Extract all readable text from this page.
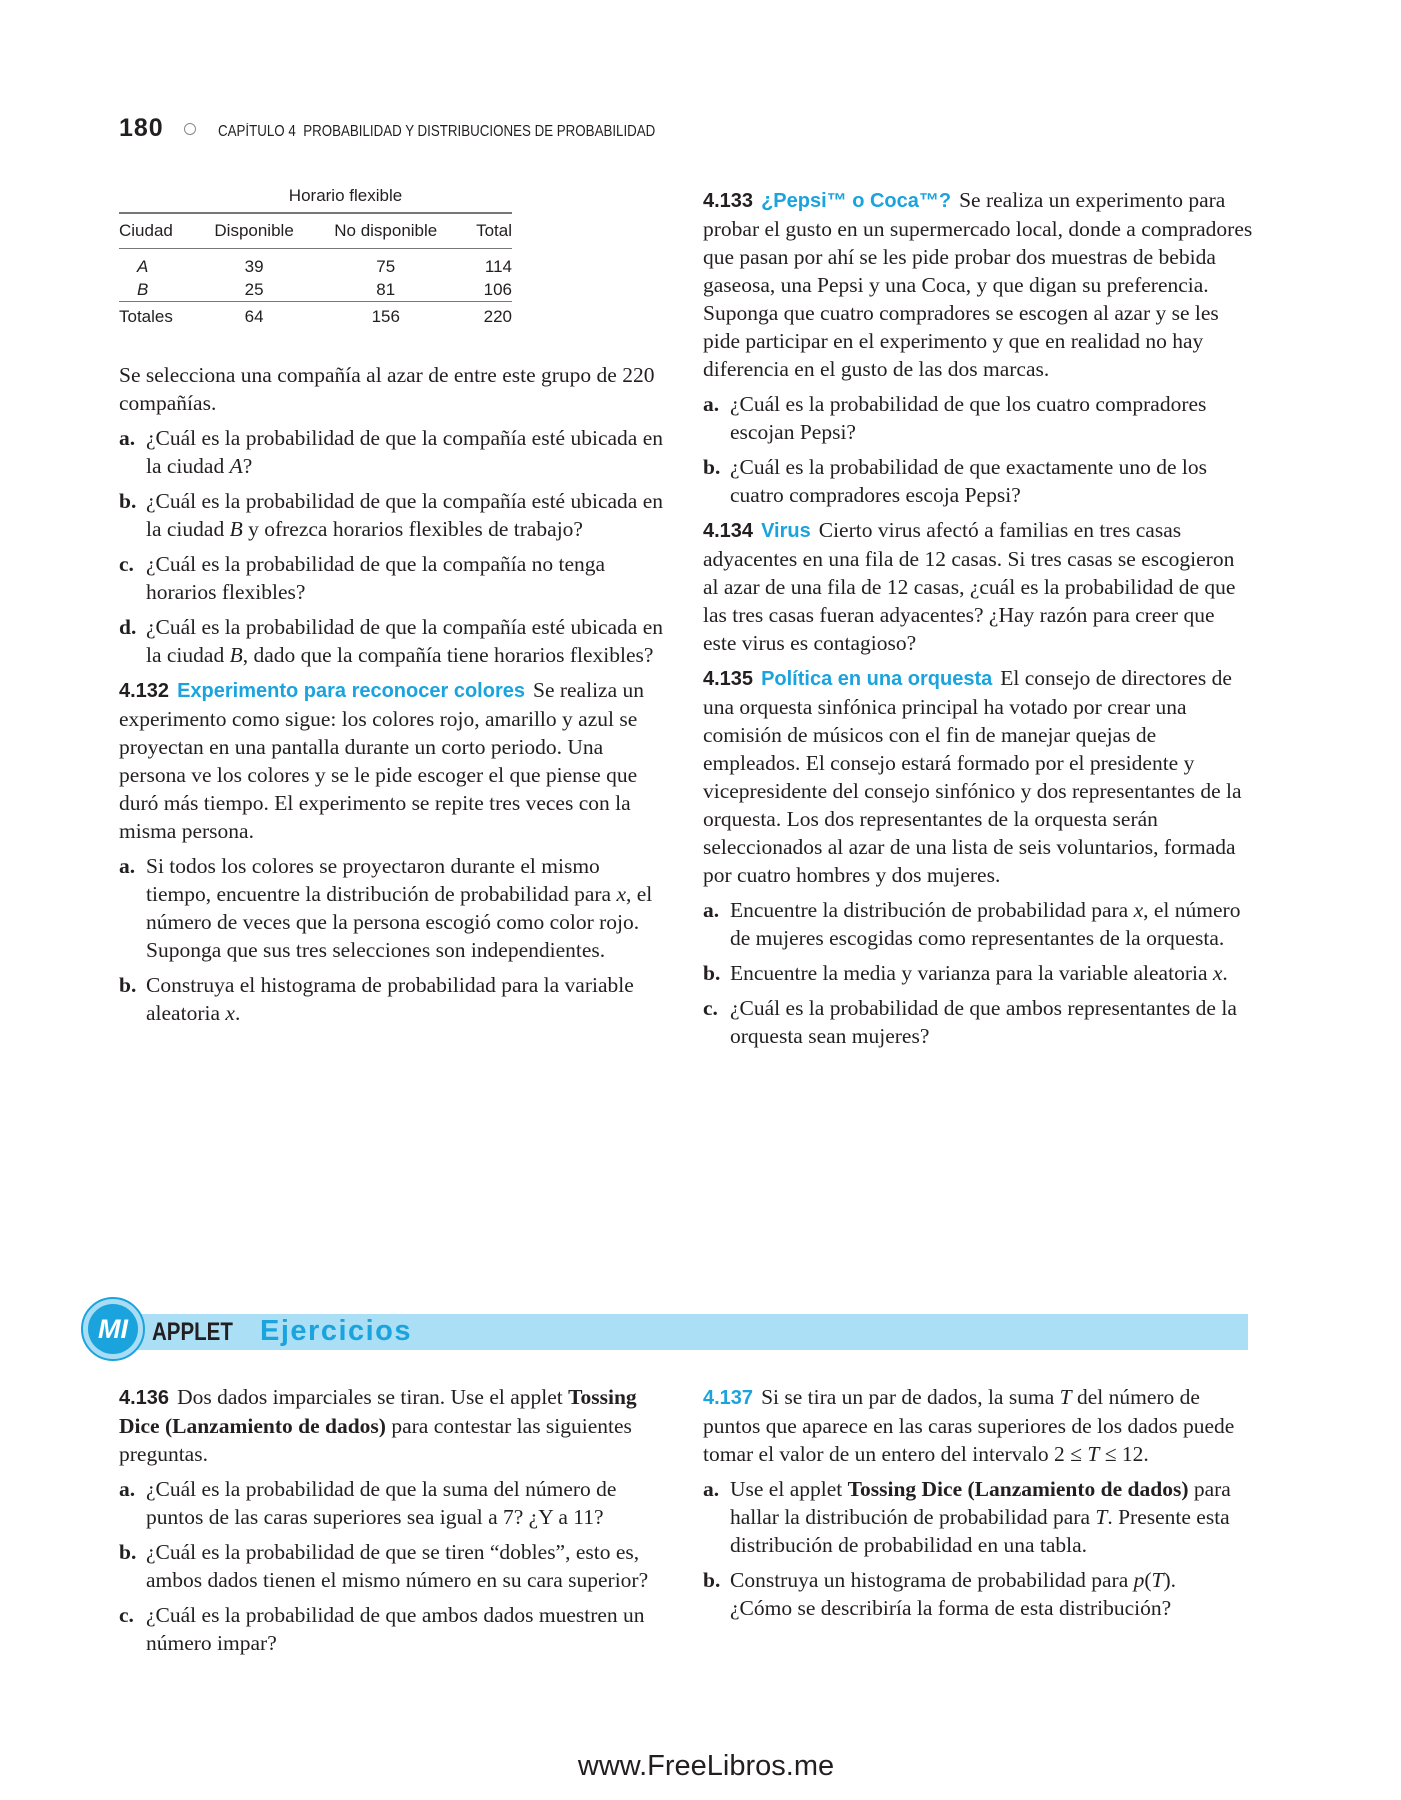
180	CAPÍTULO 4 PROBABILIDAD Y DISTRIBUCIONES DE PROBABILIDAD
Horario flexible
Ciudad	Disponible	No disponible	Total
A	39	75	114
B	25	81	106
Totales	64	156	220

Se selecciona una compañía al azar de entre este grupo de 220 compañías.

a. ¿Cuál es la probabilidad de que la compañía esté ubicada en la ciudad A?

b. ¿Cuál es la probabilidad de que la compañía esté ubicada en la ciudad B y ofrezca horarios flexibles de trabajo?

c. ¿Cuál es la probabilidad de que la compañía no tenga horarios flexibles?

d. ¿Cuál es la probabilidad de que la compañía esté ubicada en la ciudad B, dado que la compañía tiene horarios flexibles?

4.132 Experimento para reconocer colores Se realiza un experimento como sigue: los colores rojo, amarillo y azul se proyectan en una pantalla durante un corto periodo. Una persona ve los colores y se le pide escoger el que piense que duró más tiempo. El experimento se repite tres veces con la misma persona.

a. Si todos los colores se proyectaron durante el mismo tiempo, encuentre la distribución de probabilidad para x, el número de veces que la persona escogió como color rojo. Suponga que sus tres selecciones son independientes.

b. Construya el histograma de probabilidad para la variable aleatoria x.

4.133 ¿Pepsi™ o Coca™? Se realiza un experimento para probar el gusto en un supermercado local, donde a compradores que pasan por ahí se les pide probar dos muestras de bebida gaseosa, una Pepsi y una Coca, y que digan su preferencia. Suponga que cuatro compradores se escogen al azar y se les pide participar en el experimento y que en realidad no hay diferencia en el gusto de las dos marcas.

a. ¿Cuál es la probabilidad de que los cuatro compradores escojan Pepsi?

b. ¿Cuál es la probabilidad de que exactamente uno de los cuatro compradores escoja Pepsi?

4.134 Virus Cierto virus afectó a familias en tres casas adyacentes en una fila de 12 casas. Si tres casas se escogieron al azar de una fila de 12 casas, ¿cuál es la probabilidad de que las tres casas fueran adyacentes? ¿Hay razón para creer que este virus es contagioso?

4.135 Política en una orquesta El consejo de directores de una orquesta sinfónica principal ha votado por crear una comisión de músicos con el fin de manejar quejas de empleados. El consejo estará formado por el presidente y vicepresidente del consejo sinfónico y dos representantes de la orquesta. Los dos representantes de la orquesta serán seleccionados al azar de una lista de seis voluntarios, formada por cuatro hombres y dos mujeres.

a. Encuentre la distribución de probabilidad para x, el número de mujeres escogidas como representantes de la orquesta.

b. Encuentre la media y varianza para la variable aleatoria x.

c. ¿Cuál es la probabilidad de que ambos representantes de la orquesta sean mujeres?

MI APPLET Ejercicios

4.136 Dos dados imparciales se tiran. Use el applet Tossing Dice (Lanzamiento de dados) para contestar las siguientes preguntas.

a. ¿Cuál es la probabilidad de que la suma del número de puntos de las caras superiores sea igual a 7? ¿Y a 11?

b. ¿Cuál es la probabilidad de que se tiren “dobles”, esto es, ambos dados tienen el mismo número en su cara superior?

c. ¿Cuál es la probabilidad de que ambos dados muestren un número impar?

4.137 Si se tira un par de dados, la suma T del número de puntos que aparece en las caras superiores de los dados puede tomar el valor de un entero del intervalo 2 ≤ T ≤ 12.

a. Use el applet Tossing Dice (Lanzamiento de dados) para hallar la distribución de probabilidad para T. Presente esta distribución de probabilidad en una tabla.

b. Construya un histograma de probabilidad para p(T). ¿Cómo se describiría la forma de esta distribución?

www.FreeLibros.me
